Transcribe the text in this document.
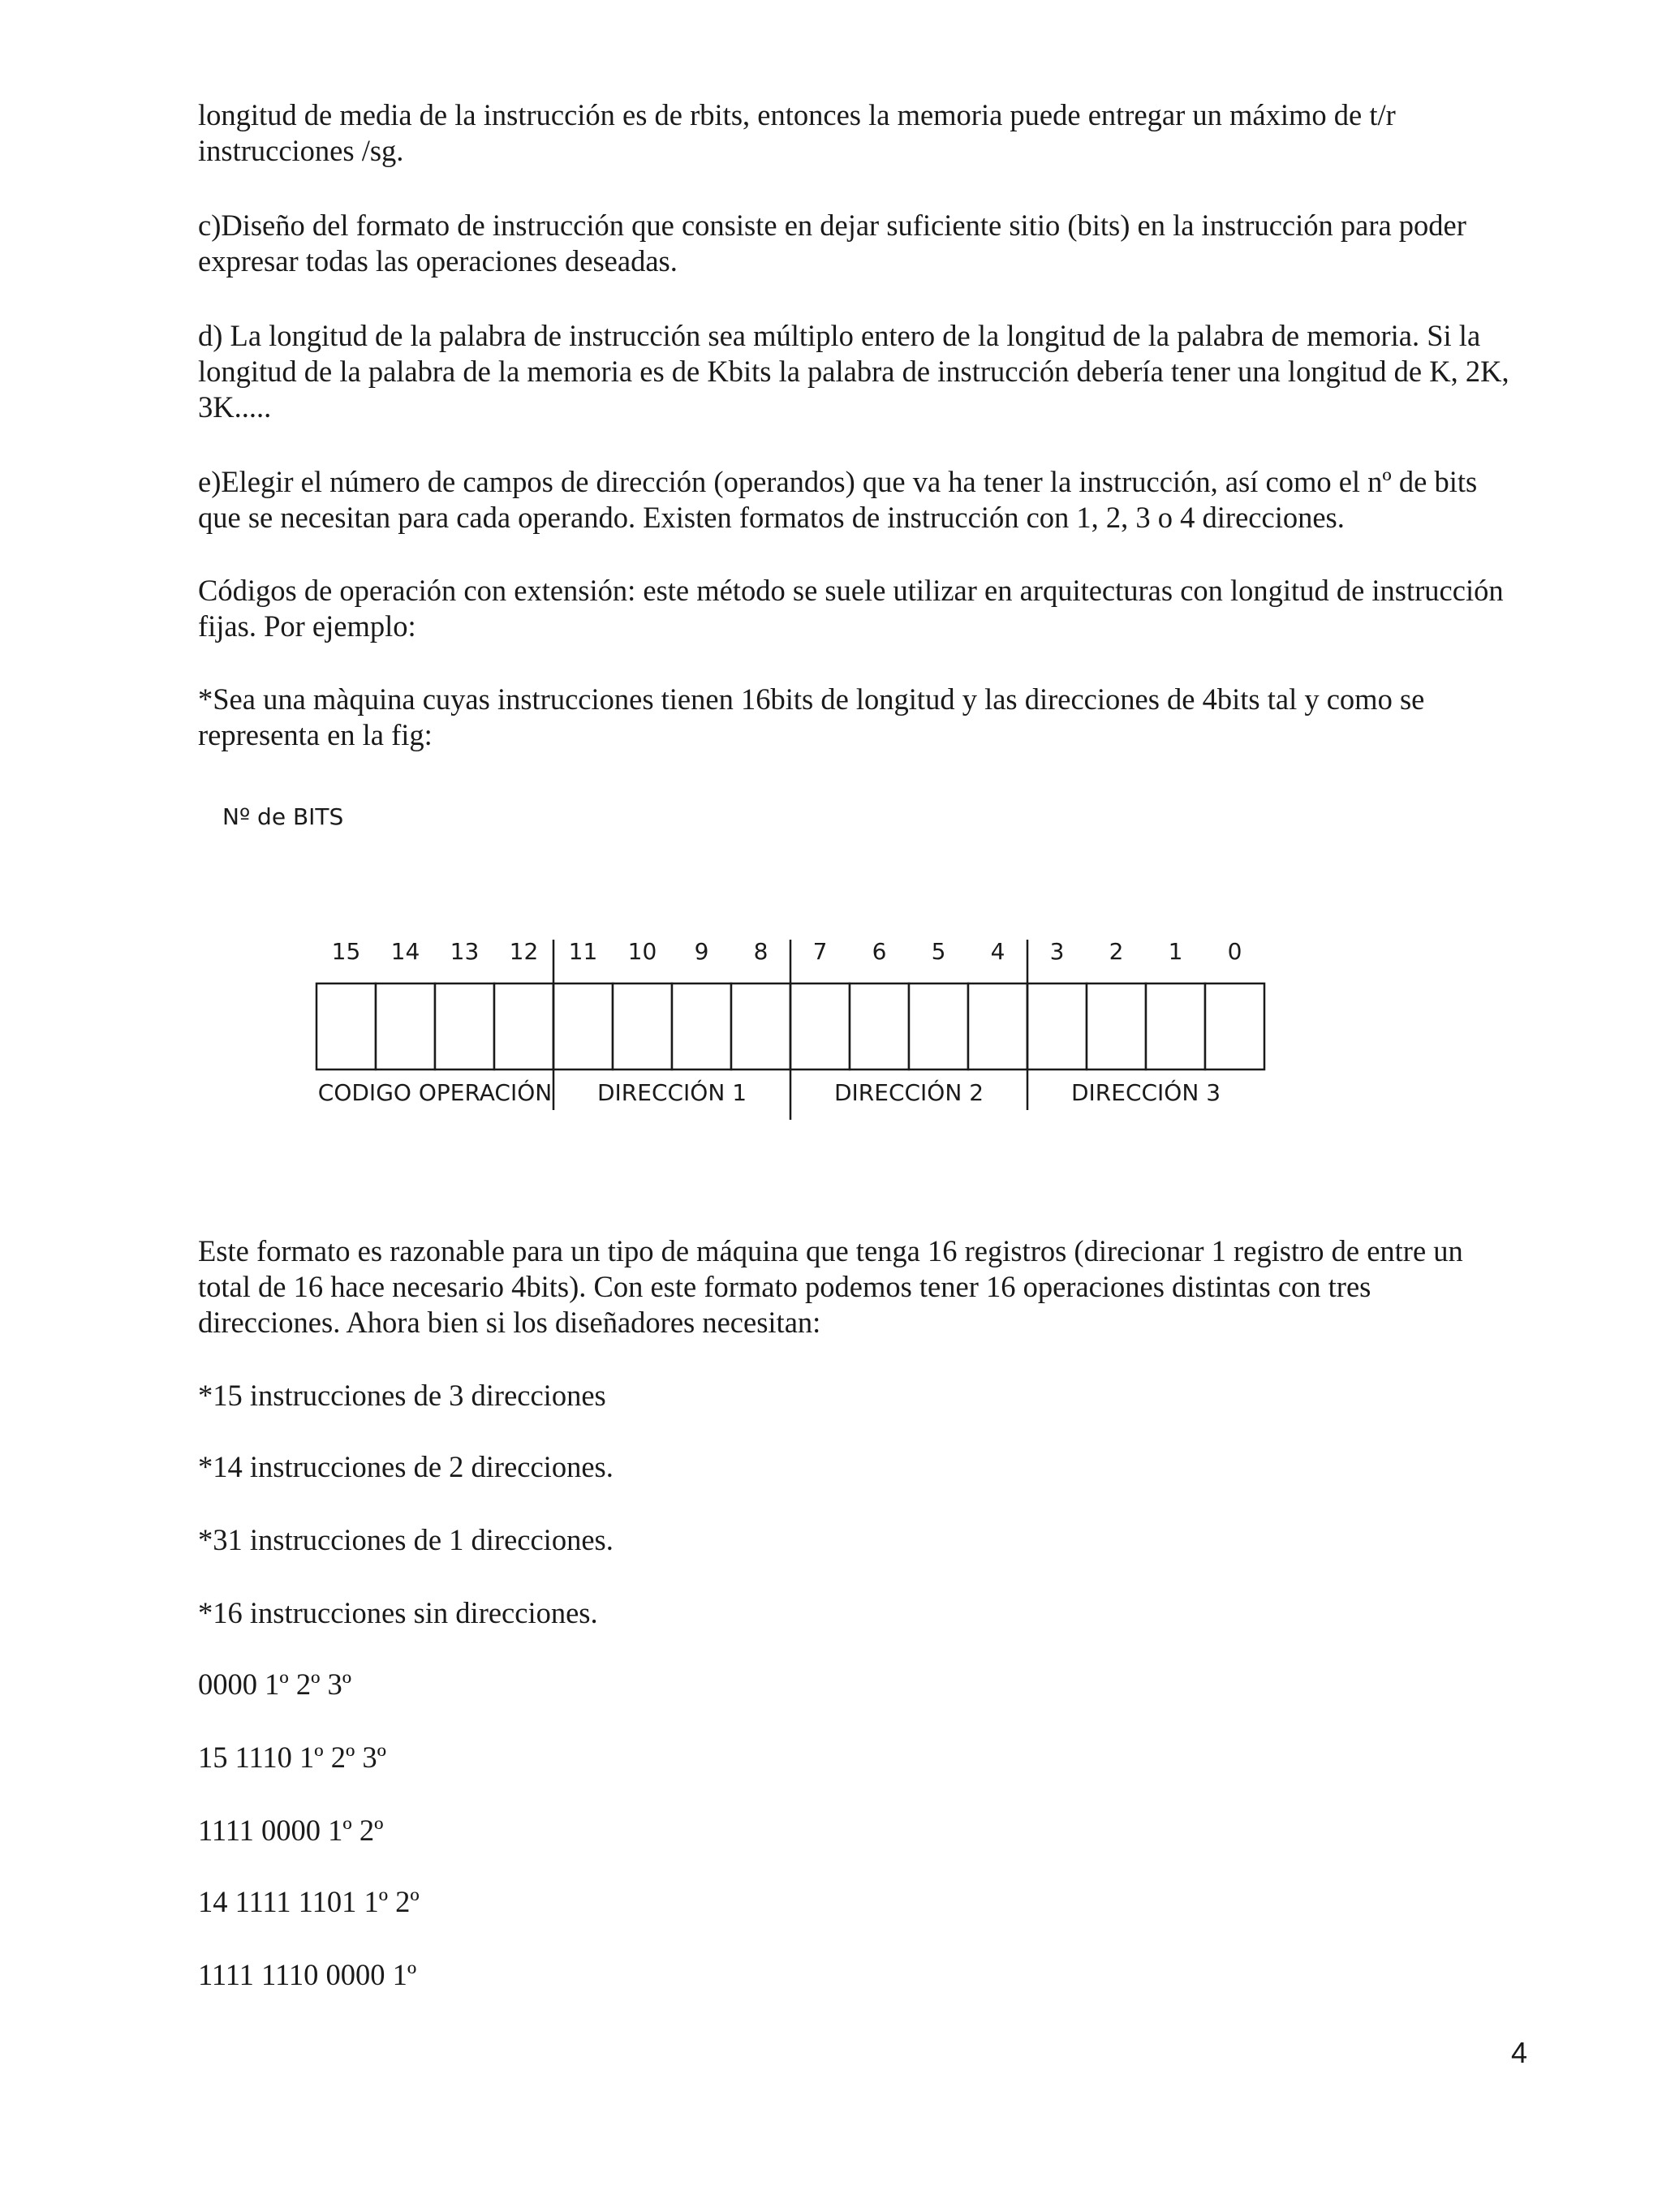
longitud de media de la instrucción es de rbits, entonces la memoria puede entregar un máximo de t/r
instrucciones /sg.

c)Diseño del formato de instrucción que consiste en dejar suficiente sitio (bits) en la instrucción para poder
expresar todas las operaciones deseadas.

d) La longitud de la palabra de instrucción sea múltiplo entero de la longitud de la palabra de memoria. Si la
longitud de la palabra de la memoria es de Kbits la palabra de instrucción debería tener una longitud de K, 2K,
3K.....

e)Elegir el número de campos de dirección (operandos) que va ha tener la instrucción, así como el nº de bits
que se necesitan para cada operando. Existen formatos de instrucción con 1, 2, 3 o 4 direcciones.

Códigos de operación con extensión: este método se suele utilizar en arquitecturas con longitud de instrucción
fijas. Por ejemplo:

*Sea una màquina cuyas instrucciones tienen 16bits de longitud y las direcciones de 4bits tal y como se
representa en la fig:

Nº de BITS
15 14 13 12 11 10 9 8 7 6 5 4 3 2 1 0
CODIGO OPERACIÓN DIRECCIÓN 1	DIRECCIÓN 2	DIRECCIÓN 3

Este formato es razonable para un tipo de máquina que tenga 16 registros (direcionar 1 registro de entre un
total de 16 hace necesario 4bits). Con este formato podemos tener 16 operaciones distintas con tres
direcciones. Ahora bien si los diseñadores necesitan:

*15 instrucciones de 3 direcciones

*14 instrucciones de 2 direcciones.

*31 instrucciones de 1 direcciones.

*16 instrucciones sin direcciones.

0000 1º 2º 3º

15 1110 1º 2º 3º

1111 0000 1º 2º

14 1111 1101 1º 2º

1111 1110 0000 1º

4
